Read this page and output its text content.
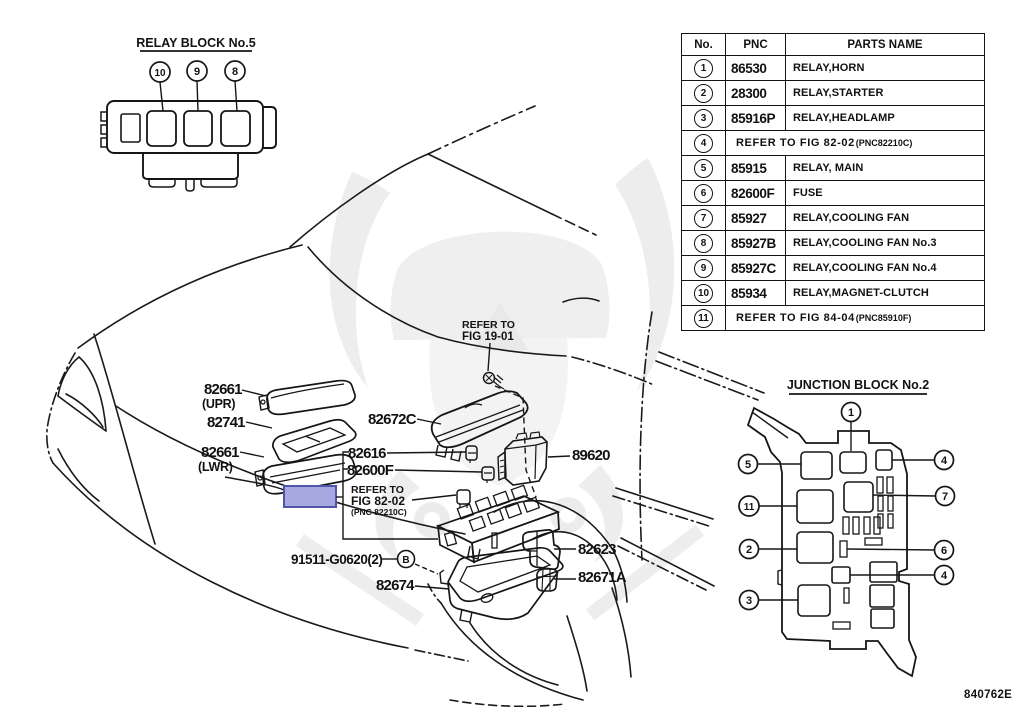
10	9	8
RELAY BLOCK No.5
B
82661
(UPR)
82741
82661
(LWR)
82672C
REFER TO
FIG 19-01
82616
82600F
REFER TO
FIG 82-02
(PNC 82210C)
89620
91511-G0620(2)
82674
82623
82671A
JUNCTION BLOCK No.2
1
4
5
7
11
2	6
4
3
840762E
No.	PNC	PARTS NAME
1	86530	RELAY,HORN
2	28300	RELAY,STARTER
3	85916P	RELAY,HEADLAMP
4	REFER TO FIG 82-02(PNC82210C)	
5	85915	RELAY, MAIN
6	82600F	FUSE
7	85927	RELAY,COOLING FAN
8	85927B	RELAY,COOLING FAN No.3
9	85927C	RELAY,COOLING FAN No.4
10	85934	RELAY,MAGNET-CLUTCH
11	REFER TO FIG 84-04(PNC85910F)	
